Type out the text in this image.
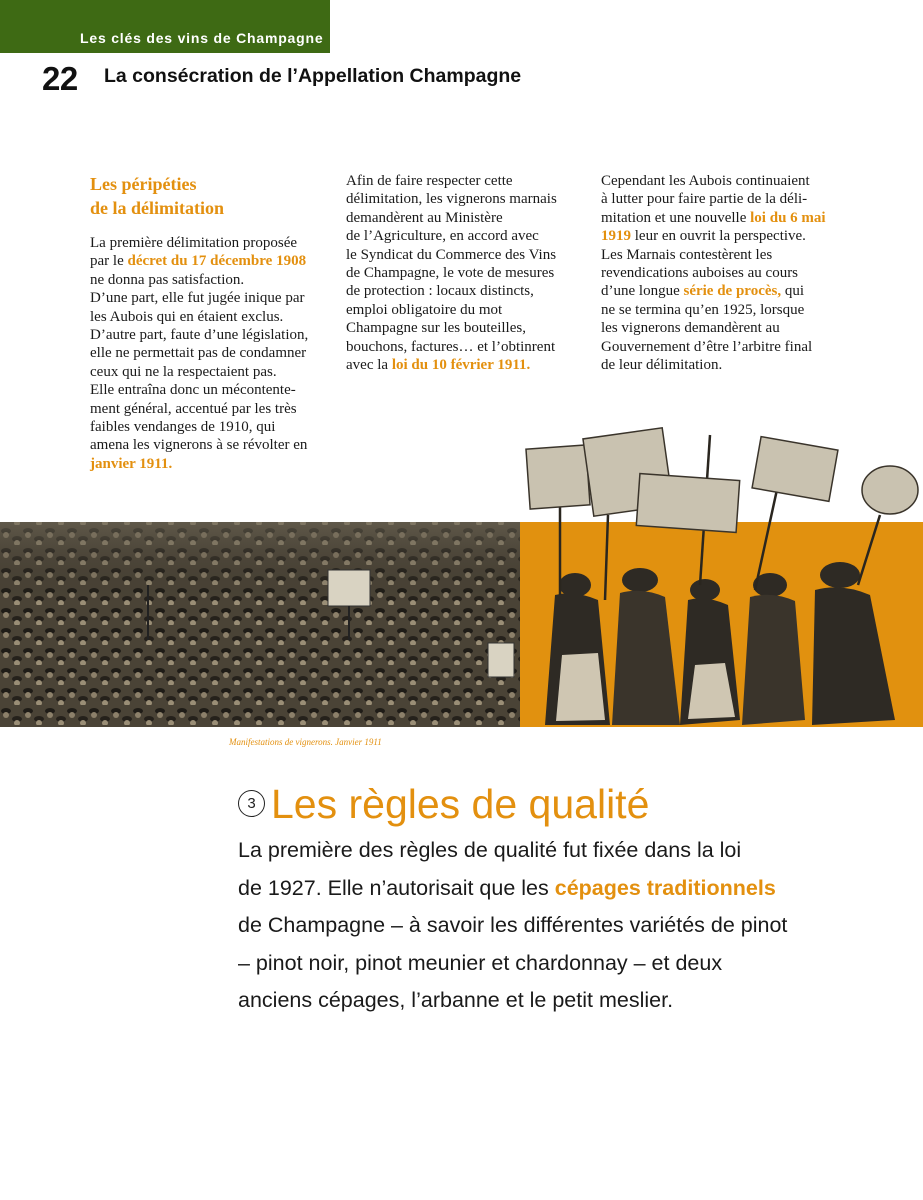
Les clés des vins de Champagne
22 La consécration de l’Appellation Champagne
Les péripéties
de la délimitation

La première délimitation proposée
par le décret du 17 décembre 1908
ne donna pas satisfaction.
D’une part, elle fut jugée inique par
les Aubois qui en étaient exclus.
D’autre part, faute d’une législation,
elle ne permettait pas de condamner
ceux qui ne la respectaient pas.
Elle entraîna donc un mécontente-
ment général, accentué par les très
faibles vendanges de 1910, qui
amena les vignerons à se révolter en
janvier 1911.

Afin de faire respecter cette
délimitation, les vignerons marnais
demandèrent au Ministère
de l’Agriculture, en accord avec
le Syndicat du Commerce des Vins
de Champagne, le vote de mesures
de protection : locaux distincts,
emploi obligatoire du mot
Champagne sur les bouteilles,
bouchons, factures… et l’obtinrent
avec la loi du 10 février 1911.

Cependant les Aubois continuaient
à lutter pour faire partie de la déli-
mitation et une nouvelle loi du 6 mai
1919 leur en ouvrit la perspective.
Les Marnais contestèrent les
revendications auboises au cours
d’une longue série de procès, qui
ne se termina qu’en 1925, lorsque
les vignerons demandèrent au
Gouvernement d’être l’arbitre final
de leur délimitation.

Manifestations de vignerons. Janvier 1911
3 Les règles de qualité
La première des règles de qualité fut fixée dans la loi
de 1927. Elle n’autorisait que les cépages traditionnels
de Champagne – à savoir les différentes variétés de pinot
– pinot noir, pinot meunier et chardonnay – et deux
anciens cépages, l’arbanne et le petit meslier.
